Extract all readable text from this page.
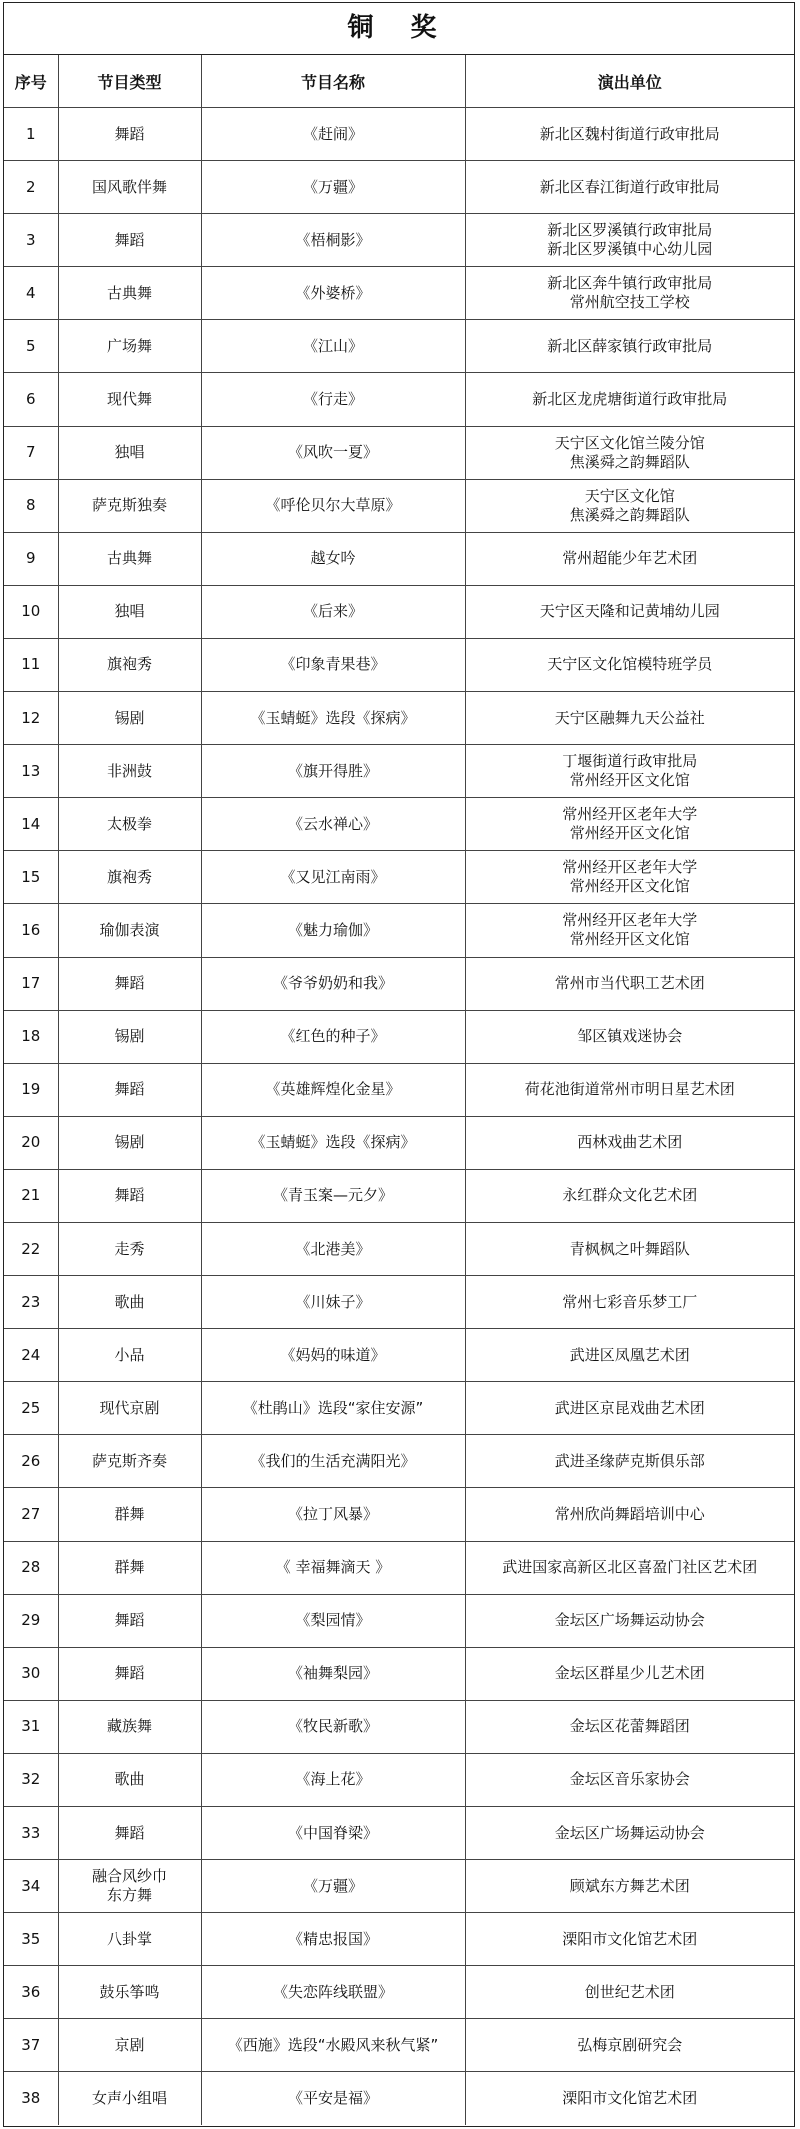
铜 奖
序号	节目类型	节目名称	演出单位
1	舞蹈	《赶闹》	新北区魏村街道行政审批局

2	国风歌伴舞	《万疆》	新北区春江街道行政审批局

3	舞蹈	《梧桐影》	新北区罗溪镇行政审批局
新北区罗溪镇中心幼儿园

4	古典舞	《外婆桥》	新北区奔牛镇行政审批局
常州航空技工学校

5	广场舞	《江山》	新北区薛家镇行政审批局

6	现代舞	《行走》	新北区龙虎塘街道行政审批局

7	独唱	《风吹一夏》	天宁区文化馆兰陵分馆
焦溪舜之韵舞蹈队

8	萨克斯独奏	《呼伦贝尔大草原》	天宁区文化馆
焦溪舜之韵舞蹈队

9	古典舞	越女吟	常州超能少年艺术团

10	独唱	《后来》	天宁区天隆和记黄埔幼儿园

11	旗袍秀	《印象青果巷》	天宁区文化馆模特班学员

12	锡剧	《玉蜻蜓》选段《探病》	天宁区融舞九天公益社

13	非洲鼓	《旗开得胜》	丁堰街道行政审批局
常州经开区文化馆

14	太极拳	《云水禅心》	常州经开区老年大学
常州经开区文化馆

15	旗袍秀	《又见江南雨》	常州经开区老年大学
常州经开区文化馆

16	瑜伽表演	《魅力瑜伽》	常州经开区老年大学
常州经开区文化馆

17	舞蹈	《爷爷奶奶和我》	常州市当代职工艺术团

18	锡剧	《红色的种子》	邹区镇戏迷协会

19	舞蹈	《英雄辉煌化金星》	荷花池街道常州市明日星艺术团

20	锡剧	《玉蜻蜓》选段《探病》	西林戏曲艺术团

21	舞蹈	《青玉案—元夕》	永红群众文化艺术团

22	走秀	《北港美》	青枫枫之叶舞蹈队

23	歌曲	《川妹子》	常州七彩音乐梦工厂

24	小品	《妈妈的味道》	武进区凤凰艺术团

25	现代京剧	《杜鹃山》选段“家住安源”	武进区京昆戏曲艺术团

26	萨克斯齐奏	《我们的生活充满阳光》	武进圣缘萨克斯俱乐部

27	群舞	《拉丁风暴》	常州欣尚舞蹈培训中心

28	群舞	《 幸福舞滴天 》	武进国家高新区北区喜盈门社区艺术团

29	舞蹈	《梨园情》	金坛区广场舞运动协会

30	舞蹈	《袖舞梨园》	金坛区群星少儿艺术团

31	藏族舞	《牧民新歌》	金坛区花蕾舞蹈团

32	歌曲	《海上花》	金坛区音乐家协会

33	舞蹈	《中国脊梁》	金坛区广场舞运动协会

34	融合风纱巾
东方舞	《万疆》	顾斌东方舞艺术团

35	八卦掌	《精忠报国》	溧阳市文化馆艺术团

36	鼓乐筝鸣	《失恋阵线联盟》	创世纪艺术团

37	京剧	《西施》选段“水殿风来秋气紧”	弘梅京剧研究会

38	女声小组唱	《平安是福》	溧阳市文化馆艺术团
